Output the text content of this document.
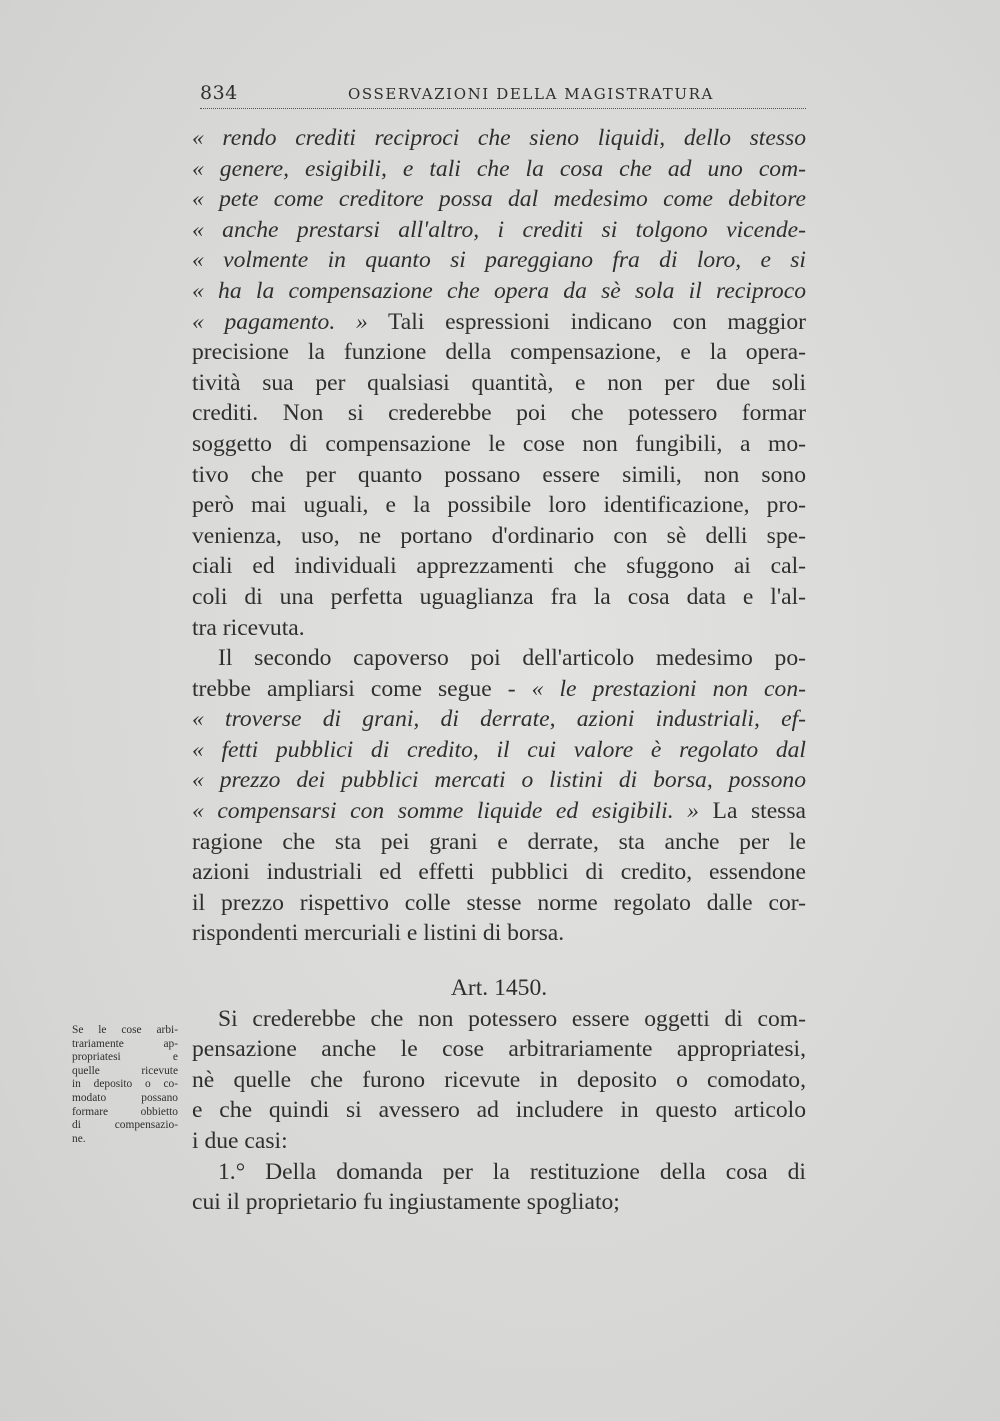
834	OSSERVAZIONI DELLA MAGISTRATURA
« rendo crediti reciproci che sieno liquidi, dello stesso
« genere, esigibili, e tali che la cosa che ad uno com-
« pete come creditore possa dal medesimo come debitore
« anche prestarsi all'altro, i crediti si tolgono vicende-
« volmente in quanto si pareggiano fra di loro, e si
« ha la compensazione che opera da sè sola il reciproco
« pagamento. » Tali espressioni indicano con maggior
precisione la funzione della compensazione, e la opera-
tività sua per qualsiasi quantità, e non per due soli
crediti. Non si crederebbe poi che potessero formar
soggetto di compensazione le cose non fungibili, a mo-
tivo che per quanto possano essere simili, non sono
però mai uguali, e la possibile loro identificazione, pro-
venienza, uso, ne portano d'ordinario con sè delli spe-
ciali ed individuali apprezzamenti che sfuggono ai cal-
coli di una perfetta uguaglianza fra la cosa data e l'al-
tra ricevuta.
Il secondo capoverso poi dell'articolo medesimo po-
trebbe ampliarsi come segue - « le prestazioni non con-
« troverse di grani, di derrate, azioni industriali, ef-
« fetti pubblici di credito, il cui valore è regolato dal
« prezzo dei pubblici mercati o listini di borsa, possono
« compensarsi con somme liquide ed esigibili. » La stessa
ragione che sta pei grani e derrate, sta anche per le
azioni industriali ed effetti pubblici di credito, essendone
il prezzo rispettivo colle stesse norme regolato dalle cor-
rispondenti mercuriali e listini di borsa.
Art. 1450.
Si crederebbe che non potessero essere oggetti di com-
pensazione anche le cose arbitrariamente appropriatesi,
nè quelle che furono ricevute in deposito o comodato,
e che quindi si avessero ad includere in questo articolo
i due casi:
1.° Della domanda per la restituzione della cosa di
cui il proprietario fu ingiustamente spogliato;
Se le cose arbi-
trariamente ap-
propriatesi e
quelle ricevute
in deposito o co-
modato possano
formare obbietto
di compensazio-
ne.
